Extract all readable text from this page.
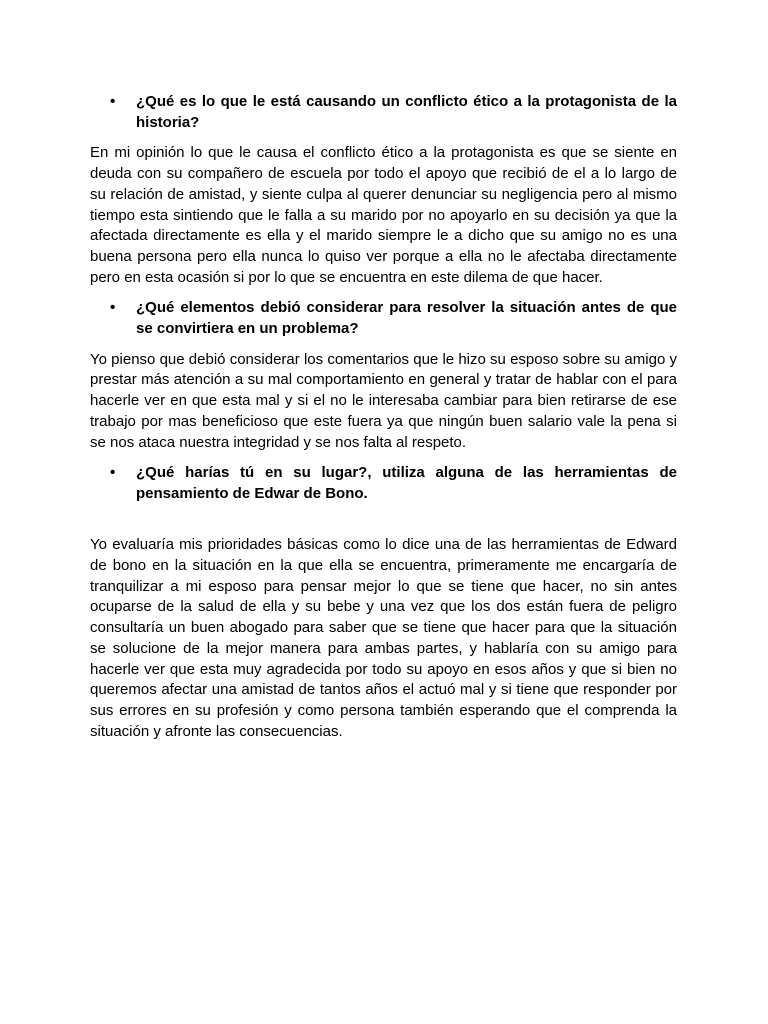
• ¿Qué es lo que le está causando un conflicto ético a la protagonista de la historia?

En mi opinión lo que le causa el conflicto ético a la protagonista es que se siente en deuda con su compañero de escuela por todo el apoyo que recibió de el a lo largo de su relación de amistad, y siente culpa al querer denunciar su negligencia pero al mismo tiempo esta sintiendo que le falla a su marido por no apoyarlo en su decisión ya que la afectada directamente es ella y el marido siempre le a dicho que su amigo no es una buena persona pero ella nunca lo quiso ver porque a ella no le afectaba directamente pero en esta ocasión si por lo que se encuentra en este dilema de que hacer.

• ¿Qué elementos debió considerar para resolver la situación antes de que se convirtiera en un problema?

Yo pienso que debió considerar los comentarios que le hizo su esposo sobre su amigo y prestar más atención a su mal comportamiento en general y tratar de hablar con el para hacerle ver en que esta mal y si el no le interesaba cambiar para bien retirarse de ese trabajo por mas beneficioso que este fuera ya que ningún buen salario vale la pena si se nos ataca nuestra integridad y se nos falta al respeto.

• ¿Qué harías tú en su lugar?, utiliza alguna de las herramientas de pensamiento de Edwar de Bono.

Yo evaluaría mis prioridades básicas como lo dice una de las herramientas de Edward de bono en la situación en la que ella se encuentra, primeramente me encargaría de tranquilizar a mi esposo para pensar mejor lo que se tiene que hacer, no sin antes ocuparse de la salud de ella y su bebe y una vez que los dos están fuera de peligro consultaría un buen abogado para saber que se tiene que hacer para que la situación se solucione de la mejor manera para ambas partes, y hablaría con su amigo para hacerle ver que esta muy agradecida por todo su apoyo en esos años y que si bien no queremos afectar una amistad de tantos años el actuó mal y si tiene que responder por sus errores en su profesión y como persona también esperando que el comprenda la situación y afronte las consecuencias.
